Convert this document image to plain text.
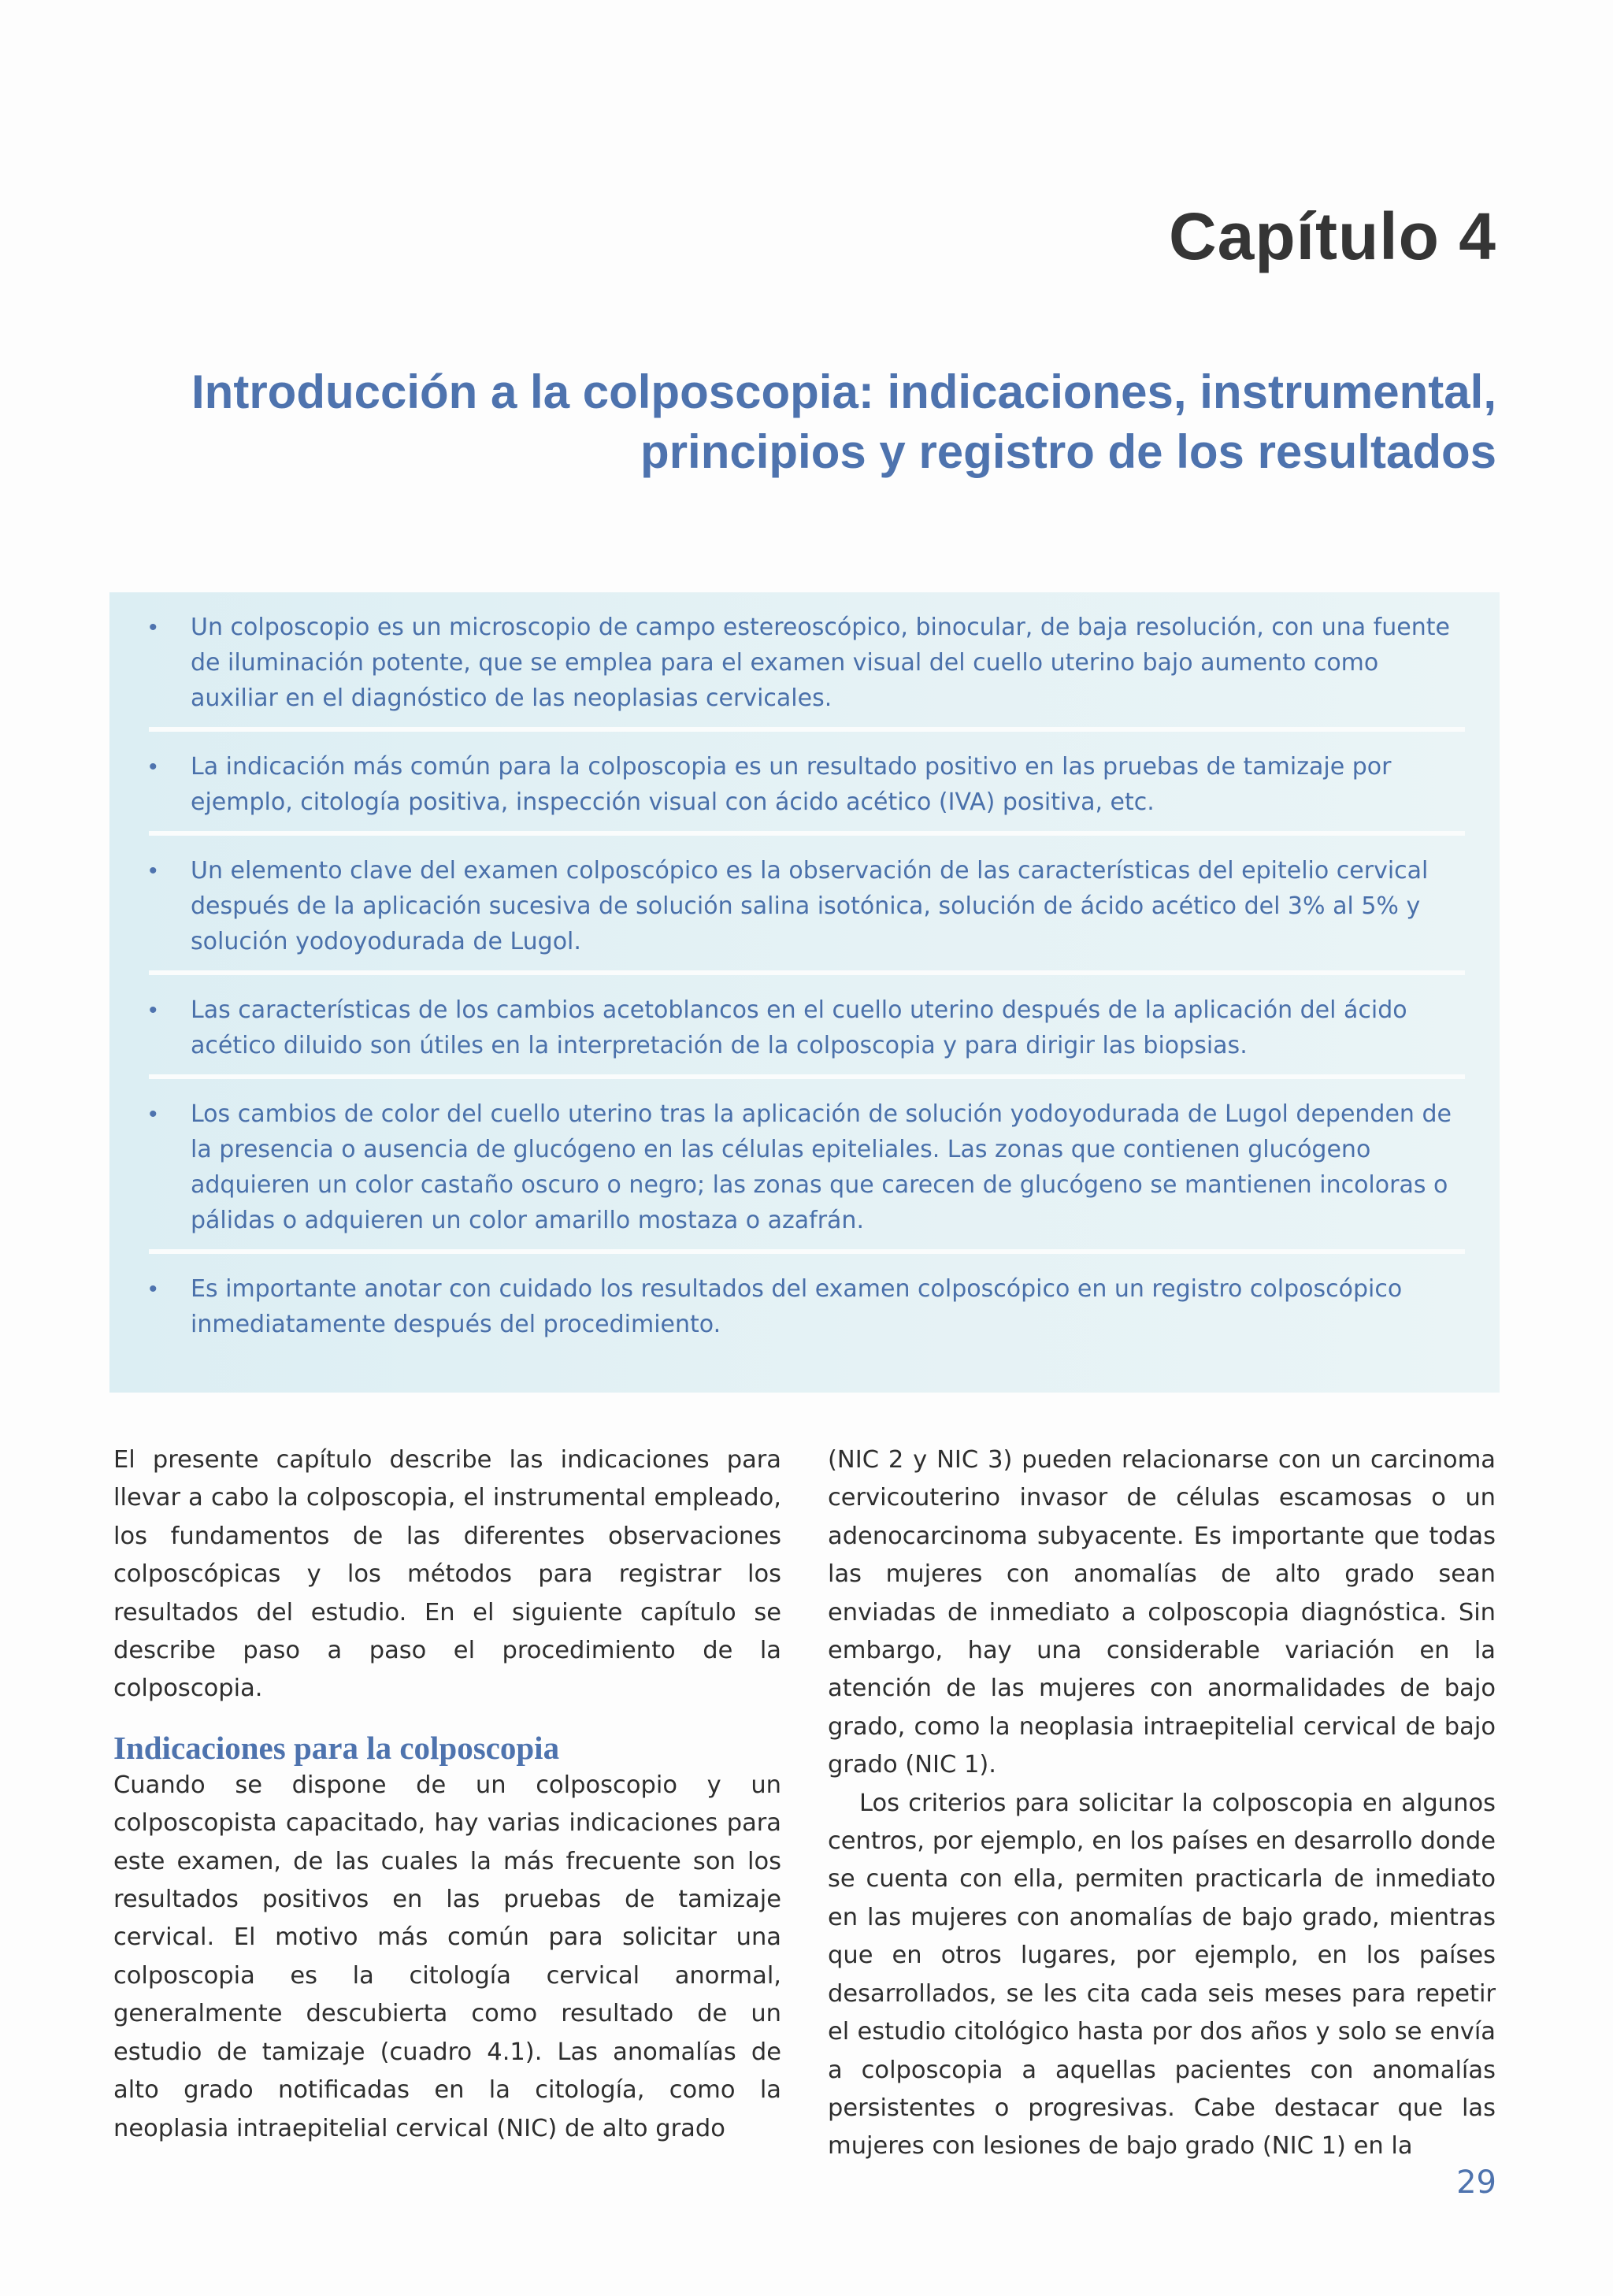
Capítulo 4
Introducción a la colposcopia: indicaciones, instrumental,
principios y registro de los resultados
• Un colposcopio es un microscopio de campo estereoscópico, binocular, de baja resolución, con una fuente de iluminación potente, que se emplea para el examen visual del cuello uterino bajo aumento como auxiliar en el diagnóstico de las neoplasias cervicales.
• La indicación más común para la colposcopia es un resultado positivo en las pruebas de tamizaje por ejemplo, citología positiva, inspección visual con ácido acético (IVA) positiva, etc.
• Un elemento clave del examen colposcópico es la observación de las características del epitelio cervical después de la aplicación sucesiva de solución salina isotónica, solución de ácido acético del 3% al 5% y solución yodoyodurada de Lugol.
• Las características de los cambios acetoblancos en el cuello uterino después de la aplicación del ácido acético diluido son útiles en la interpretación de la colposcopia y para dirigir las biopsias.
• Los cambios de color del cuello uterino tras la aplicación de solución yodoyodurada de Lugol dependen de la presencia o ausencia de glucógeno en las células epiteliales. Las zonas que contienen glucógeno adquieren un color castaño oscuro o negro; las zonas que carecen de glucógeno se mantienen incoloras o pálidas o adquieren un color amarillo mostaza o azafrán.
• Es importante anotar con cuidado los resultados del examen colposcópico en un registro colposcópico inmediatamente después del procedimiento.

El presente capítulo describe las indicaciones para llevar a cabo la colposcopia, el instrumental empleado, los fundamentos de las diferentes observaciones colposcópicas y los métodos para registrar los resultados del estudio. En el siguiente capítulo se describe paso a paso el procedimiento de la colposcopia.

Indicaciones para la colposcopia

Cuando se dispone de un colposcopio y un colposcopista capacitado, hay varias indicaciones para este examen, de las cuales la más frecuente son los resultados positivos en las pruebas de tamizaje cervical. El motivo más común para solicitar una colposcopia es la citología cervical anormal, generalmente descubierta como resultado de un estudio de tamizaje (cuadro 4.1). Las anomalías de alto grado notificadas en la citología, como la neoplasia intraepitelial cervical (NIC) de alto grado

(NIC 2 y NIC 3) pueden relacionarse con un carcinoma cervicouterino invasor de células escamosas o un adenocarcinoma subyacente. Es importante que todas las mujeres con anomalías de alto grado sean enviadas de inmediato a colposcopia diagnóstica. Sin embargo, hay una considerable variación en la atención de las mujeres con anormalidades de bajo grado, como la neoplasia intraepitelial cervical de bajo grado (NIC 1).

Los criterios para solicitar la colposcopia en algunos centros, por ejemplo, en los países en desarrollo donde se cuenta con ella, permiten practicarla de inmediato en las mujeres con anomalías de bajo grado, mientras que en otros lugares, por ejemplo, en los países desarrollados, se les cita cada seis meses para repetir el estudio citológico hasta por dos años y solo se envía a colposcopia a aquellas pacientes con anomalías persistentes o progresivas. Cabe destacar que las mujeres con lesiones de bajo grado (NIC 1) en la

29
